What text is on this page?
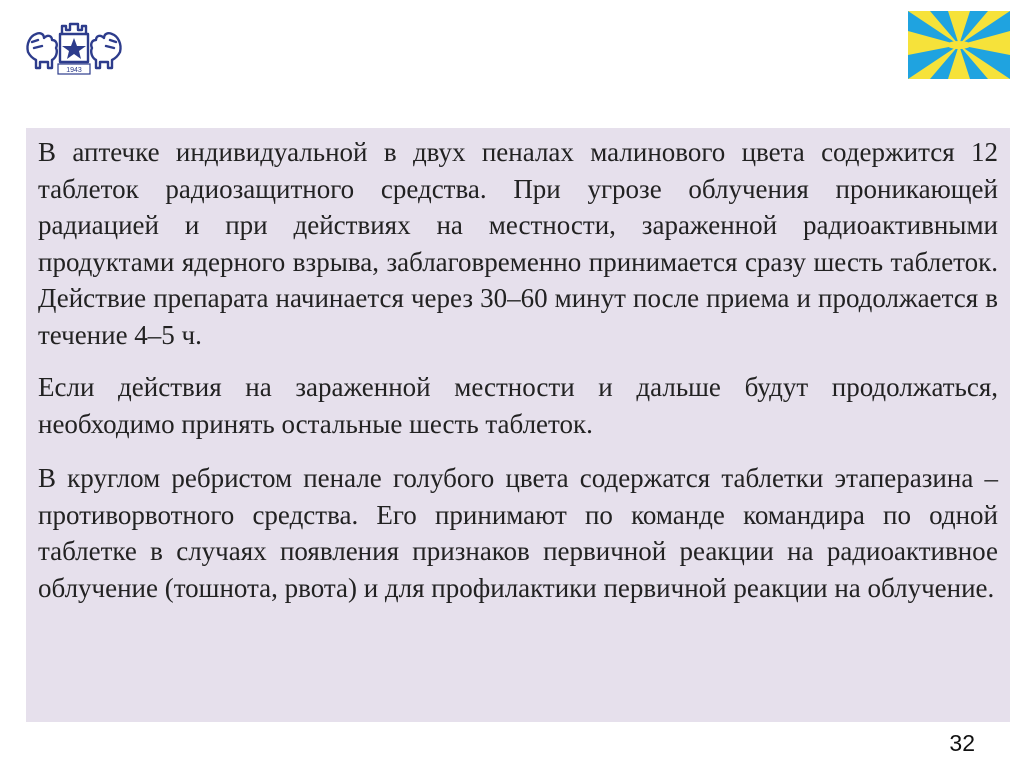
1943

В аптечке индивидуальной в двух пеналах малинового цвета содержится 12 таблеток радиозащитного средства. При угрозе облучения проникающей радиацией и при действиях на местности, зараженной радиоактивными продуктами ядерного взрыва, заблаговременно принимается сразу шесть таблеток. Действие препарата начинается через 30–60 минут после приема и продолжается в течение 4–5 ч.

Если действия на зараженной местности и дальше будут продолжаться, необходимо принять остальные шесть таблеток.

В круглом ребристом пенале голубого цвета содержатся таблетки этаперазина – противорвотного средства. Его принимают по команде командира по одной таблетке в случаях появления признаков первичной реакции на радиоактивное облучение (тошнота, рвота) и для профилактики первичной реакции на облучение.

32
